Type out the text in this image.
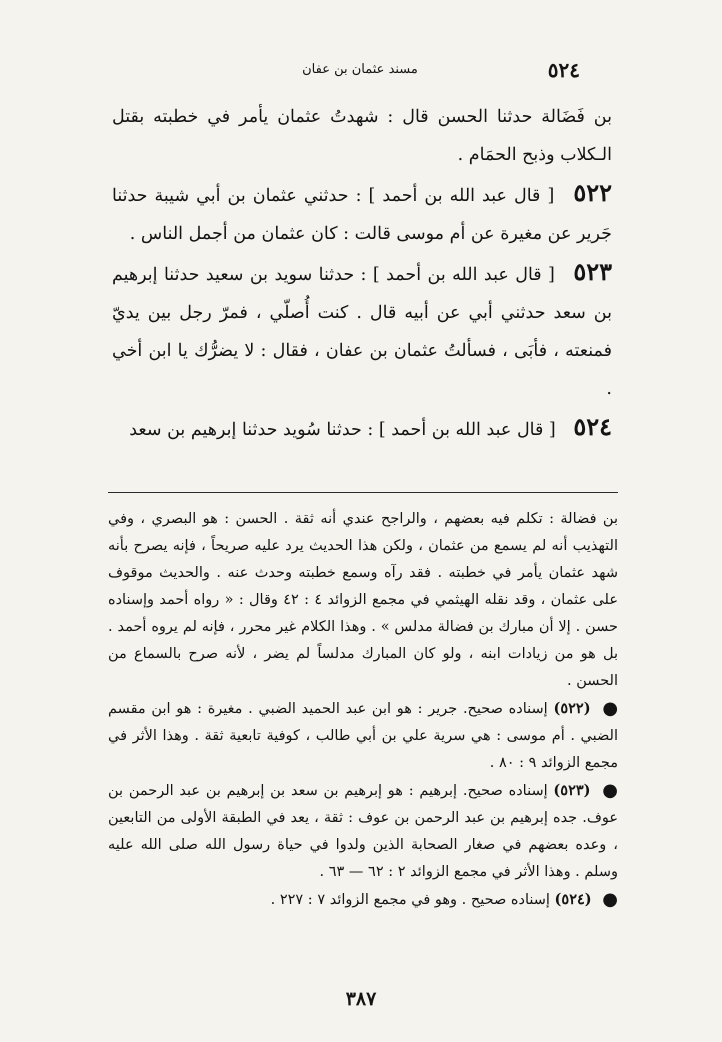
٥٢٤
مسند عثمان بن عفان

بن فَضَالة حدثنا الحسن قال : شهدتُ عثمان يأمر في خطبته بقتل الـكلاب وذبح الحمَام .

٥٢٢ [ قال عبد الله بن أحمد ] : حدثني عثمان بن أبي شيبة حدثنا جَرير عن مغيرة عن أم موسى قالت : كان عثمان من أجمل الناس .

٥٢٣ [ قال عبد الله بن أحمد ] : حدثنا سويد بن سعيد حدثنا إبرهيم بن سعد حدثني أبي عن أبيه قال . كنت أُصلّي ، فمرّ رجل بين يديّ فمنعته ، فأبَى ، فسألتُ عثمان بن عفان ، فقال : لا يضرُّك يا ابن أخي .

٥٢٤ [ قال عبد الله بن أحمد ] : حدثنا سُويد حدثنا إبرهيم بن سعد

بن فضالة : تكلم فيه بعضهم ، والراجح عندي أنه ثقة . الحسن : هو البصري ، وفي التهذيب أنه لم يسمع من عثمان ، ولكن هذا الحديث يرد عليه صريحاً ، فإنه يصرح بأنه شهد عثمان يأمر في خطبته . فقد رآه وسمع خطبته وحدث عنه . والحديث موقوف على عثمان ، وقد نقله الهيثمي في مجمع الزوائد ٤ : ٤٢ وقال : « رواه أحمد وإسناده حسن . إلا أن مبارك بن فضالة مدلس » . وهذا الكلام غير محرر ، فإنه لم يروه أحمد . بل هو من زيادات ابنه ، ولو كان المبارك مدلساً لم يضر ، لأنه صرح بالسماع من الحسن .

● (٥٢٢) إسناده صحيح. جرير : هو ابن عبد الحميد الضبي . مغيرة : هو ابن مقسم الضبي . أم موسى : هي سرية علي بن أبي طالب ، كوفية تابعية ثقة . وهذا الأثر في مجمع الزوائد ٩ : ٨٠ .

● (٥٢٣) إسناده صحيح. إبرهيم : هو إبرهيم بن سعد بن إبرهيم بن عبد الرحمن بن عوف. جده إبرهيم بن عبد الرحمن بن عوف : ثقة ، يعد في الطبقة الأولى من التابعين ، وعده بعضهم في صغار الصحابة الذين ولدوا في حياة رسول الله صلى الله عليه وسلم . وهذا الأثر في مجمع الزوائد ٢ : ٦٢ — ٦٣ .

● (٥٢٤) إسناده صحيح . وهو في مجمع الزوائد ٧ : ٢٢٧ .

٣٨٧
